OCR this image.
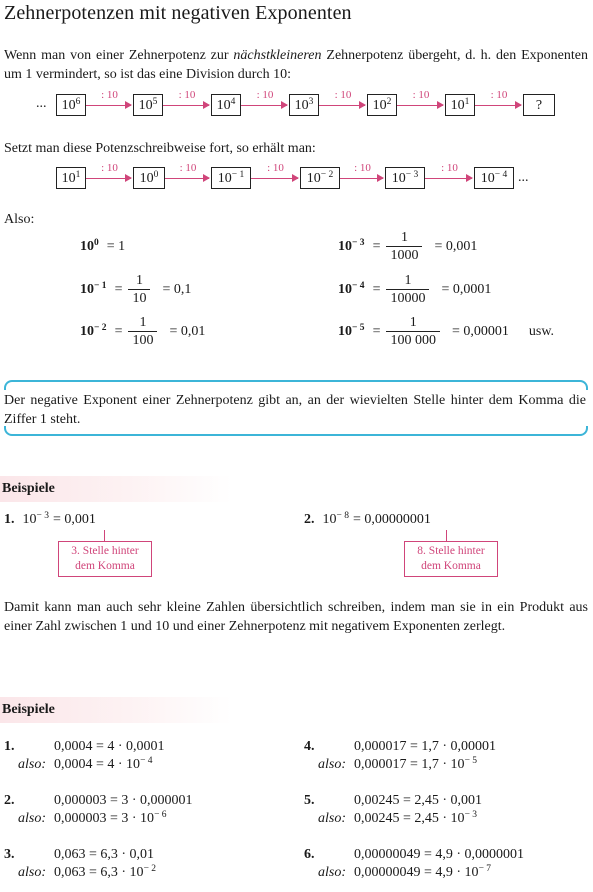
Zehnerpotenzen mit negativen Exponenten
Wenn man von einer Zehnerpotenz zur nächstkleineren Zehnerpotenz übergeht, d. h. den Exponenten um 1 vermindert, so ist das eine Division durch 10:
...	$10^6$
: 10
$10^5$
: 10
$10^4$
: 10
$10^3$
: 10
$10^2$
: 10
$10^1$
: 10
?
Setzt man diese Potenzschreibweise fort, so erhält man:
$10^1$
: 10
$10^0$
: 10
$10^{- 1}$
: 10
$10^{- 2}$
: 10
$10^{- 3}$
: 10
$10^{- 4}$ ...
Also:
$10^0 = 1$
$10^{- 1} = \frac{1}{10} = 0,1$
$10^{- 2} = \frac{1}{100} = 0,01$
$10^{- 3} = \frac{1}{1000} = 0,001$
$10^{- 4} = \frac{1}{10000} = 0,0001$
$10^{- 5} = \frac{1}{100 000} = 0,00001$ usw.
Der negative Exponent einer Zehnerpotenz gibt an, an der wievielten Stelle hinter dem Komma die Ziffer 1 steht.
Beispiele
1. $10^{- 3} = 0,001$
3. Stelle hinter
dem Komma
2. $10^{- 8} = 0,00000001$
8. Stelle hinter
dem Komma
Damit kann man auch sehr kleine Zahlen übersichtlich schreiben, indem man sie in ein Produkt aus einer Zahl zwischen 1 und 10 und einer Zehnerpotenz mit negativem Exponenten zerlegt.
Beispiele
1.	0,0004 = 4 · 0,0001
also: $0,0004 = 4 \cdot 10^{- 4}$
2.	0,000003 = 3 · 0,000001
also: $0,000003 = 3 \cdot 10^{- 6}$
3.	0,063 = 6,3 · 0,01
also: $0,063 = 6,3 \cdot 10^{- 2}$
4.	0,000017 = 1,7 · 0,00001
also: $0,000017 = 1,7 \cdot 10^{- 5}$
5.	0,00245 = 2,45 · 0,001
also: $0,00245 = 2,45 \cdot 10^{- 3}$
6.	0,00000049 = 4,9 · 0,0000001
also: $0,00000049 = 4,9 \cdot 10^{- 7}$
